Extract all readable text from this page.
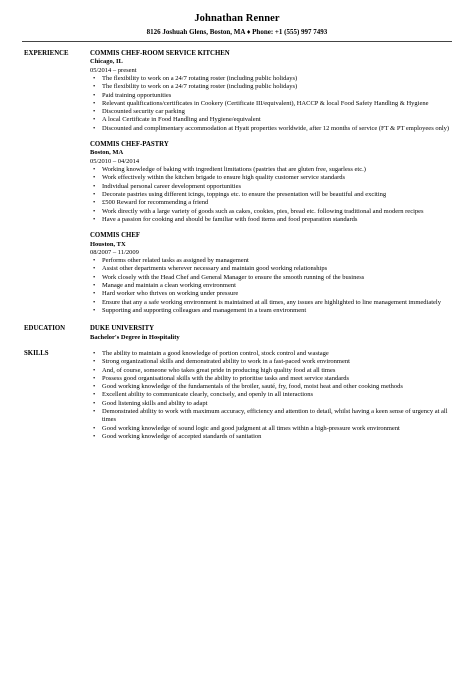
Johnathan Renner
8126 Joshuah Glens, Boston, MA ♦ Phone: +1 (555) 997 7493
EXPERIENCE	COMMIS CHEF-ROOM SERVICE KITCHEN
Chicago, IL
05/2014 – present
• The flexibility to work on a 24/7 rotating roster (including public holidays)
• The flexibility to work on a 24/7 rotating roster (including public holidays)
• Paid training opportunities
• Relevant qualifications/certificates in Cookery (Certificate III/equivalent), HACCP & local Food Safety Handling & Hygiene
• Discounted security car parking
• A local Certificate in Food Handling and Hygiene/equivalent
• Discounted and complimentary accommodation at Hyatt properties worldwide, after 12 months of service (FT & PT employees only)
COMMIS CHEF-PASTRY
Boston, MA
05/2010 – 04/2014
• Working knowledge of baking with ingredient limitations (pastries that are gluten free, sugarless etc.)
• Work effectively within the kitchen brigade to ensure high quality customer service standards
• Individual personal career development opportunities
• Decorate pastries using different icings, toppings etc. to ensure the presentation will be beautiful and exciting
• £500 Reward for recommending a friend
• Work directly with a large variety of goods such as cakes, cookies, pies, bread etc. following traditional and modern recipes
• Have a passion for cooking and should be familiar with food items and food preparation standards
COMMIS CHEF
Houston, TX
08/2007 – 11/2009
• Performs other related tasks as assigned by management
• Assist other departments wherever necessary and maintain good working relationships
• Work closely with the Head Chef and General Manager to ensure the smooth running of the business
• Manage and maintain a clean working environment
• Hard worker who thrives on working under pressure
• Ensure that any a safe working environment is maintained at all times, any issues are highlighted to line management immediately
• Supporting and supporting colleagues and management in a team environment
EDUCATION	DUKE UNIVERSITY
Bachelor's Degree in Hospitality
SKILLS
•	The ability to maintain a good knowledge of portion control, stock control and wastage
• Strong organizational skills and demonstrated ability to work in a fast-paced work environment
• And, of course, someone who takes great pride in producing high quality food at all times
• Possess good organisational skills with the ability to prioritise tasks and meet service standards
• Good working knowledge of the fundamentals of the broiler, sauté, fry, food, moist heat and other cooking methods
• Excellent ability to communicate clearly, concisely, and openly in all interactions
• Good listening skills and ability to adapt
• Demonstrated ability to work with maximum accuracy, efficiency and attention to detail, whilst having a keen sense of urgency at all times
• Good working knowledge of sound logic and good judgment at all times within a high-pressure work environment
• Good working knowledge of accepted standards of sanitation
